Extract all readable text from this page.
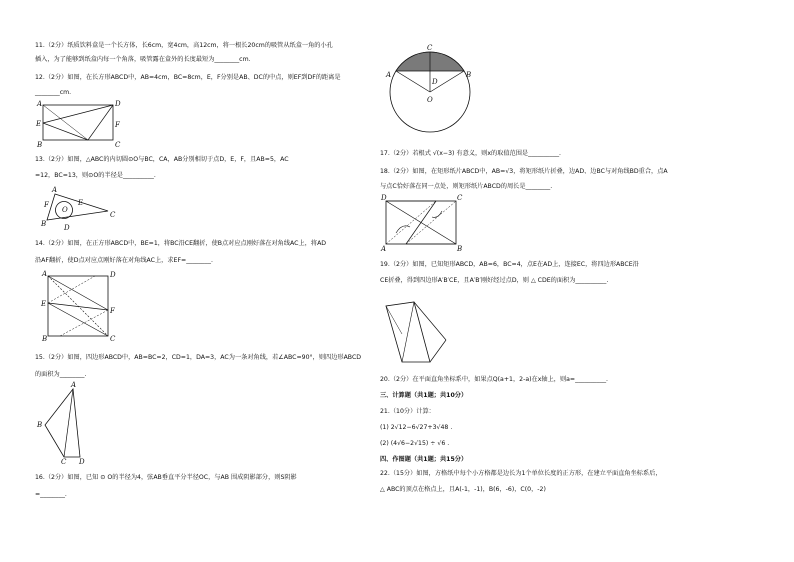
11.（2分）纸质饮料盒是一个长方体，长6cm，宽4cm，高12cm，将一根长20cm的吸管从纸盒一角的小孔
插入，为了能够到纸盒内每一个角落，吸管露在盒外的长度最短为________cm.
12.（2分）如图，在长方形ABCD中，AB=4cm，BC=8cm，E，F分别是AB、DC的中点，则EF到DF的距离是
________cm.
A	D
E	F
B	C
13.（2分）如图，△ABC的内切圆⊙O与BC，CA，AB分别相切于点D，E，F，且AB=5，AC
=12，BC=13，则⊙O的半径是__________.
A
F
O
E
B	D
C
14.（2分）如图，在正方形ABCD中，BE=1，将BC沿CE翻折，使B点对应点刚好落在对角线AC上，将AD
沿AF翻折，使D点对应点刚好落在对角线AC上，求EF=________.
A	D
E
F
B	C
15.（2分）如图，四边形ABCD中，AB=BC=2，CD=1，DA=3，AC为一条对角线，若∠ABC=90°，则四边形ABCD
的面积为________.
A
B
C D
16.（2分）如图，已知 ⊙ O的半径为4，弦AB垂直平分半径OC，与AB 围成阴影部分，则S阴影
=________.
C
A
D
B
O
17.（2分）若根式 √(x−3) 有意义，则x的取值范围是__________.
18.（2分）如图，在矩形纸片ABCD中，AB=√3，将矩形纸片折叠，边AD、边BC与对角线BD重合，点A
与点C恰好落在同一点处，则矩形纸片ABCD的周长是________.
D	C
A	B
19.（2分）如图，已知矩形ABCD，AB=6，BC=4，点E在AD上，连接EC，将四边形ABCE沿
CE折叠，得到四边形A′B′CE，且A′B′刚好经过点D，则 △ CDE的面积为__________.
20.（2分）在平面直角坐标系中，如果点Q(a+1，2-a)在x轴上，则a=__________.
三、计算题（共1题；共10分）
21.（10分）计算：
(1) 2√12−6√27+3√48 .
(2) (4√6−2√15) ÷ √6 .
四、作图题（共1题；共15分）
22.（15分）如图，方格纸中每个小方格都是边长为1个单位长度的正方形，在建立平面直角坐标系后，
△ ABC的顶点在格点上，且A(-1，-1)，B(6，-6)，C(0，-2)
